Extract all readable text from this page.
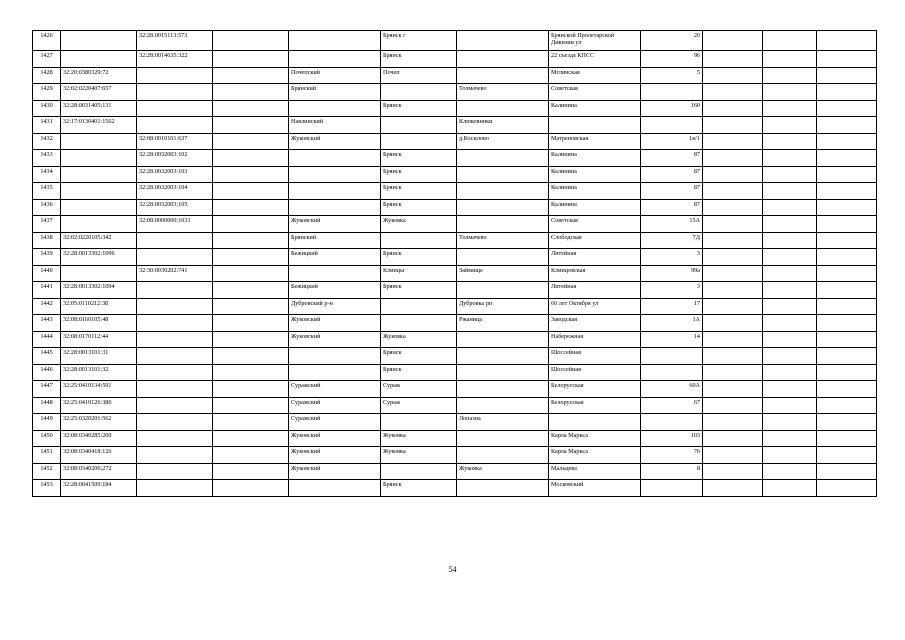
1426		32:28:0015113:573			Брянск г		Брянской Пролетарской Дивизии ул	20			
1427		32:28:0014635:322			Брянск		22 съезда КПСС	96			
1428	32:20:0380329:72			Почепский	Почеп		Мглинская	5			
1429	32:02:0220407:657			Брянский		Толмачево	Советская				
1430	32:28:0031405:131				Брянск		Калинина	160			
1431	32:17:0130401:1562			Навлинский		Клюковники					
1432		32:08:0010101:637		Жуковский		д.Косилово	Матреновская	1в/1			
1433		32:28:0032003:102			Брянск		Калинина	87			
1434		32:28:0032003:103			Брянск		Калинина	87			
1435		32:28:0032003:104			Брянск		Калинина	87			
1436		32:28:0032003:105			Брянск		Калинина	87			
1437		32:08:0000000:1031		Жуковский	Жуковка		Советская	15А			
1438	32:02:0220105:342			Брянский		Толмачево	Слободская	7Д			
1439	32:28:0013302:1096			Бежицкий	Брянск		Литейная	3			
1440		32:30:0030202:741			Клинцы	Займище	Клинцовская	99а			
1441	32:28:0013302:1094			Бежицкий	Брянск		Литейная	3			
1442	32:05:0110212:38			Дубровский р-н		Дубровка рп	60 лет Октября ул	17			
1443	32:08:0160105:48			Жуковский		Ржаница	Заводская	1А			
1444	32:08:0170112:44			Жуковский	Жуковка		Набережная	14			
1445	32:28:0013101:31				Брянск		Шоссейная				
1446	32:28:0013101:32				Брянск		Шоссейная				
1447	32:25:0410134:591			Суражский	Сураж		Белорусская	60А			
1448	32:25:0410126:380			Суражский	Сураж		Белорусская	67			
1449	32:25:0320201:562			Суражский		Лопазна					
1450	32:08:0340285:200			Жуковский	Жуковка		Карла Маркса	103			
1451	32:08:0340418:126			Жуковский	Жуковка		Карла Маркса	76			
1452	32:08:0340206:272			Жуковский		Жуковка	Мальцева	8			
1453	32:28:0041509:184				Брянск		Московский				
54
